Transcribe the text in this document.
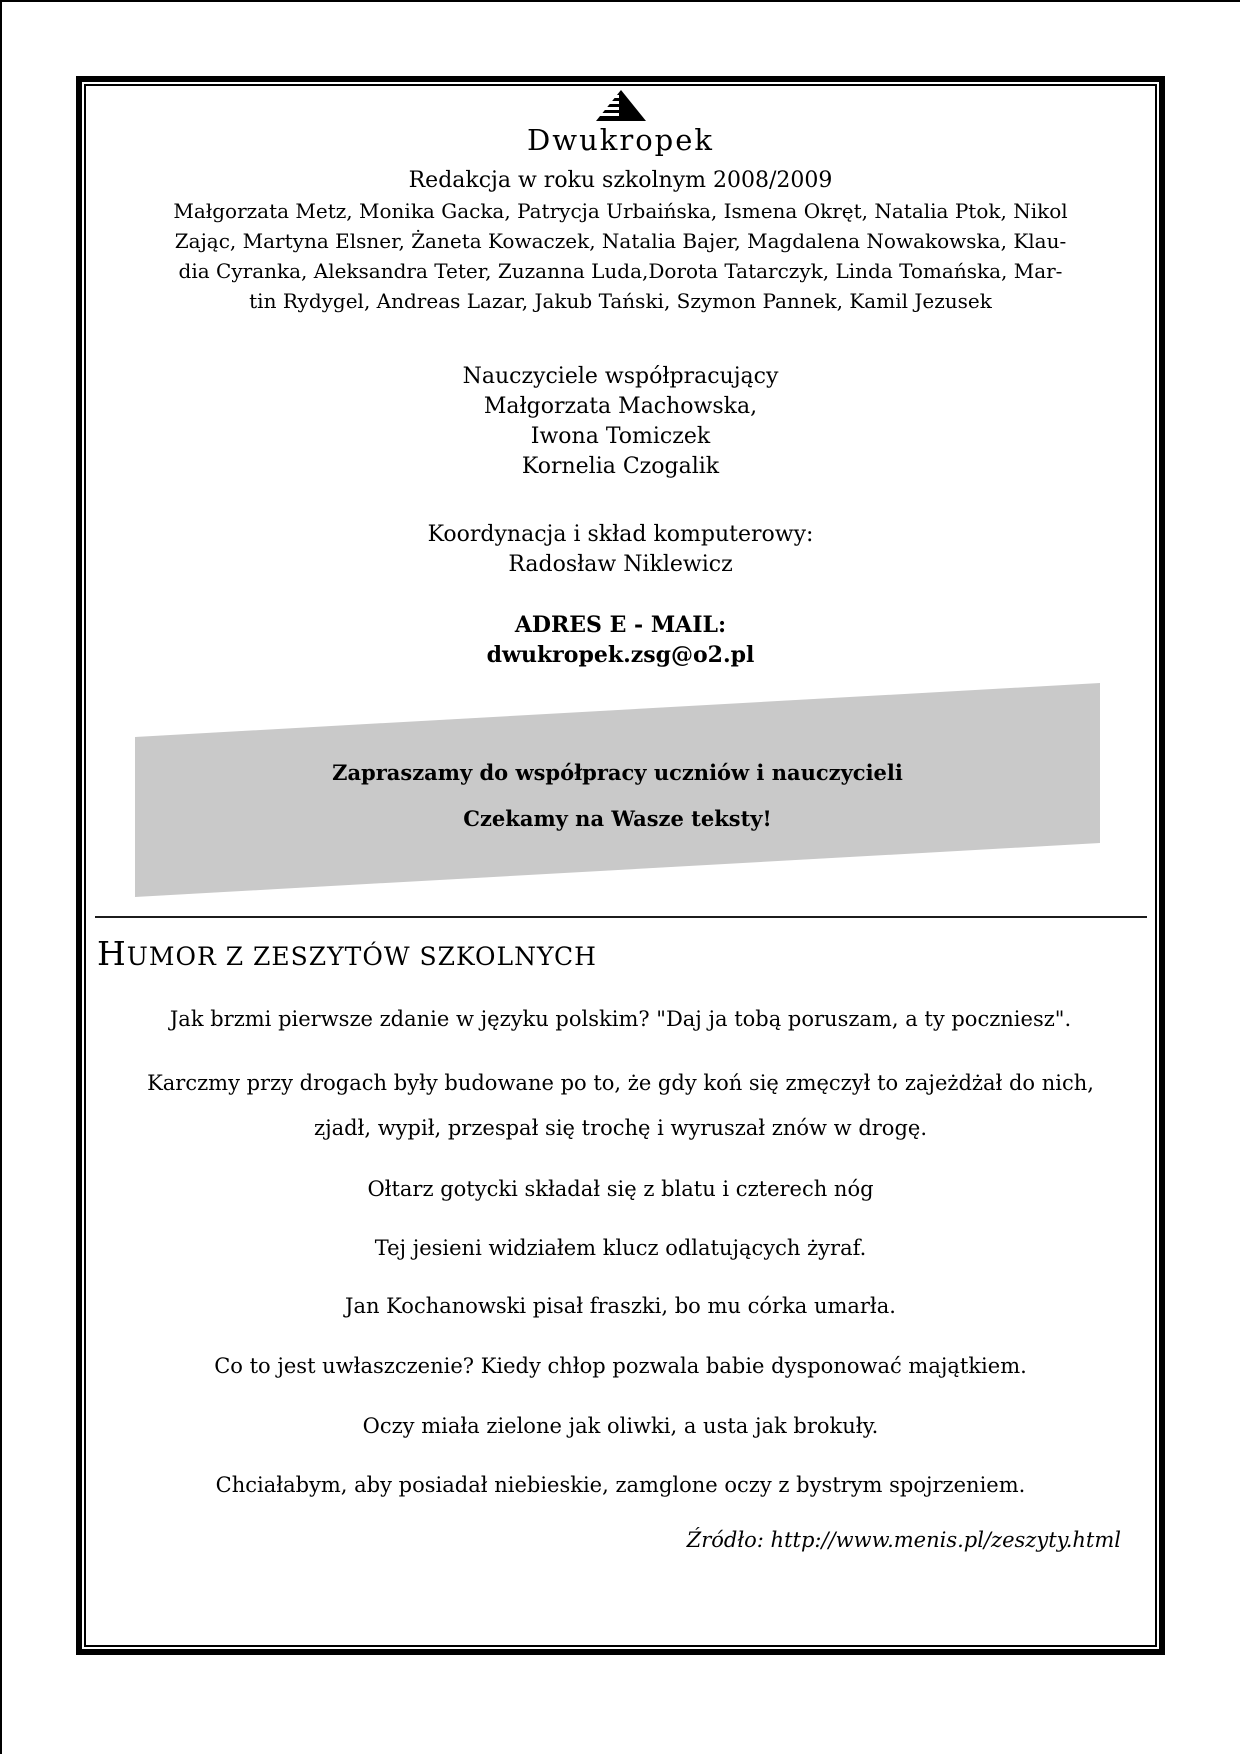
Dwukropek
Redakcja w roku szkolnym 2008/2009

Małgorzata Metz, Monika Gacka, Patrycja Urbaińska, Ismena Okręt, Natalia Ptok, Nikol

Zając, Martyna Elsner, Żaneta Kowaczek, Natalia Bajer, Magdalena Nowakowska, Klau-

dia Cyranka, Aleksandra Teter, Zuzanna Luda,Dorota Tatarczyk, Linda Tomańska, Mar-

tin Rydygel, Andreas Lazar, Jakub Tański, Szymon Pannek, Kamil Jezusek

Nauczyciele współpracujący

Małgorzata Machowska,

Iwona Tomiczek

Kornelia Czogalik

Koordynacja i skład komputerowy:
Radosław Niklewicz
ADRES E - MAIL:
dwukropek.zsg@o2.pl
Zapraszamy do współpracy uczniów i nauczycieli
Czekamy na Wasze teksty!
HUMOR Z ZESZYTÓW SZKOLNYCH

Jak brzmi pierwsze zdanie w języku polskim? "Daj ja tobą poruszam, a ty poczniesz".

Karczmy przy drogach były budowane po to, że gdy koń się zmęczył to zajeżdżał do nich,
zjadł, wypił, przespał się trochę i wyruszał znów w drogę.

Ołtarz gotycki składał się z blatu i czterech nóg

Tej jesieni widziałem klucz odlatujących żyraf.

Jan Kochanowski pisał fraszki, bo mu córka umarła.

Co to jest uwłaszczenie? Kiedy chłop pozwala babie dysponować majątkiem.

Oczy miała zielone jak oliwki, a usta jak brokuły.

Chciałabym, aby posiadał niebieskie, zamglone oczy z bystrym spojrzeniem.

Źródło: http://www.menis.pl/zeszyty.html
